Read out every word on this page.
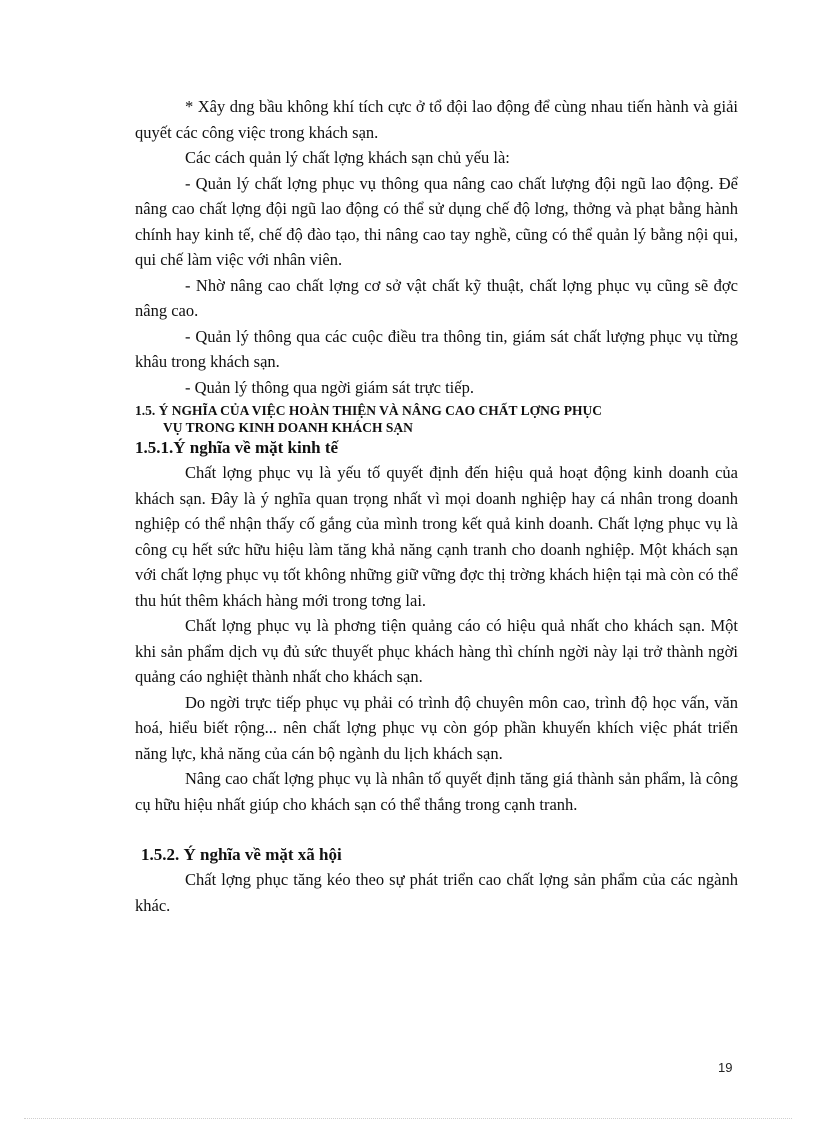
* Xây dng bầu không khí tích cực ở tổ đội lao động để cùng nhau tiến hành và giải quyết các công việc trong khách sạn.

Các cách quản lý chất lợng khách sạn chủ yếu là:

- Quản lý chất lợng phục vụ thông qua nâng cao chất lượng đội ngũ lao động. Để nâng cao chất lợng đội ngũ lao động có thể sử dụng chế độ lơng, thởng và phạt bằng hành chính hay kinh tế, chế độ đào tạo, thi nâng cao tay nghề, cũng có thể quản lý bằng nội qui, qui chế làm việc với nhân viên.

- Nhờ nâng cao chất lợng cơ sở vật chất kỹ thuật, chất lợng phục vụ cũng sẽ đợc nâng cao.

- Quản lý thông qua các cuộc điều tra thông tin, giám sát chất lượng phục vụ từng khâu trong khách sạn.

- Quản lý thông qua ngời giám sát trực tiếp.

1.5. Ý NGHĨA CỦA VIỆC HOÀN THIỆN VÀ NÂNG CAO CHẤT LỢNG PHỤC
VỤ TRONG KINH DOANH KHÁCH SẠN
1.5.1.Ý nghĩa về mặt kinh tế

Chất lợng phục vụ là yếu tố quyết định đến hiệu quả hoạt động kinh doanh của khách sạn. Đây là ý nghĩa quan trọng nhất vì mọi doanh nghiệp hay cá nhân trong doanh nghiệp có thể nhận thấy cố gắng của mình trong kết quả kinh doanh. Chất lợng phục vụ là công cụ hết sức hữu hiệu làm tăng khả năng cạnh tranh cho doanh nghiệp. Một khách sạn với chất lợng phục vụ tốt không những giữ vững đợc thị trờng khách hiện tại mà còn có thể thu hút thêm khách hàng mới trong tơng lai.

Chất lợng phục vụ là phơng tiện quảng cáo có hiệu quả nhất cho khách sạn. Một khi sản phẩm dịch vụ đủ sức thuyết phục khách hàng thì chính ngời này lại trở thành ngời quảng cáo nghiệt thành nhất cho khách sạn.

Do ngời trực tiếp phục vụ phải có trình độ chuyên môn cao, trình độ học vấn, văn hoá, hiểu biết rộng... nên chất lợng phục vụ còn góp phần khuyến khích việc phát triển năng lực, khả năng của cán bộ ngành du lịch khách sạn.

Nâng cao chất lợng phục vụ là nhân tố quyết định tăng giá thành sản phẩm, là công cụ hữu hiệu nhất giúp cho khách sạn có thể thắng trong cạnh tranh.

1.5.2. Ý nghĩa về mặt xã hội

Chất lợng phục tăng kéo theo sự phát triển cao chất lợng sản phẩm của các ngành khác.

19
